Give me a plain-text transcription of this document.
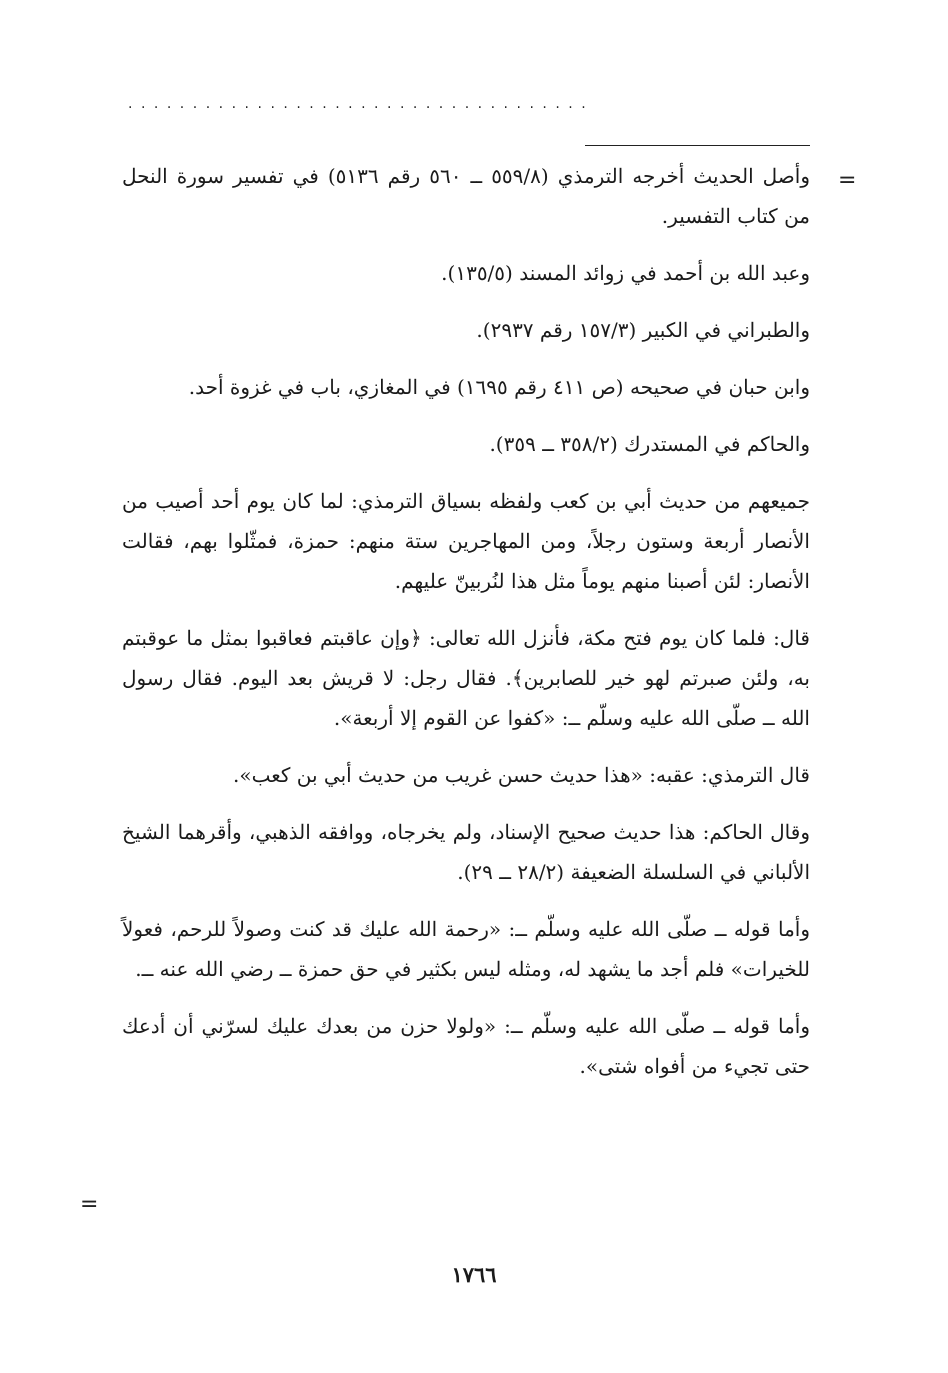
....................................
=

وأصل الحديث أخرجه الترمذي (٥٥٩/٨ ــ ٥٦٠ رقم ٥١٣٦) في تفسير سورة النحل من كتاب التفسير.

وعبد الله بن أحمد في زوائد المسند (١٣٥/٥).

والطبراني في الكبير (١٥٧/٣ رقم ٢٩٣٧).

وابن حبان في صحيحه (ص ٤١١ رقم ١٦٩٥) في المغازي، باب في غزوة أحد.

والحاكم في المستدرك (٣٥٨/٢ ــ ٣٥٩).

جميعهم من حديث أبي بن كعب ولفظه بسياق الترمذي: لما كان يوم أحد أصيب من الأنصار أربعة وستون رجلاً، ومن المهاجرين ستة منهم: حمزة، فمثّلوا بهم، فقالت الأنصار: لئن أصبنا منهم يوماً مثل هذا لنُربينّ عليهم.

قال: فلما كان يوم فتح مكة، فأنزل الله تعالى: ﴿وإن عاقبتم فعاقبوا بمثل ما عوقبتم به، ولئن صبرتم لهو خير للصابرين﴾. فقال رجل: لا قريش بعد اليوم. فقال رسول الله ــ صلّى الله عليه وسلّم ــ: «كفوا عن القوم إلا أربعة».

قال الترمذي: عقبه: «هذا حديث حسن غريب من حديث أبي بن كعب».

وقال الحاكم: هذا حديث صحيح الإسناد، ولم يخرجاه، ووافقه الذهبي، وأقرهما الشيخ الألباني في السلسلة الضعيفة (٢٨/٢ ــ ٢٩).

وأما قوله ــ صلّى الله عليه وسلّم ــ: «رحمة الله عليك قد كنت وصولاً للرحم، فعولاً للخيرات» فلم أجد ما يشهد له، ومثله ليس بكثير في حق حمزة ــ رضي الله عنه ــ.

وأما قوله ــ صلّى الله عليه وسلّم ــ: «ولولا حزن من بعدك عليك لسرّني أن أدعك حتى تجيء من أفواه شتى».

=
١٧٦٦
